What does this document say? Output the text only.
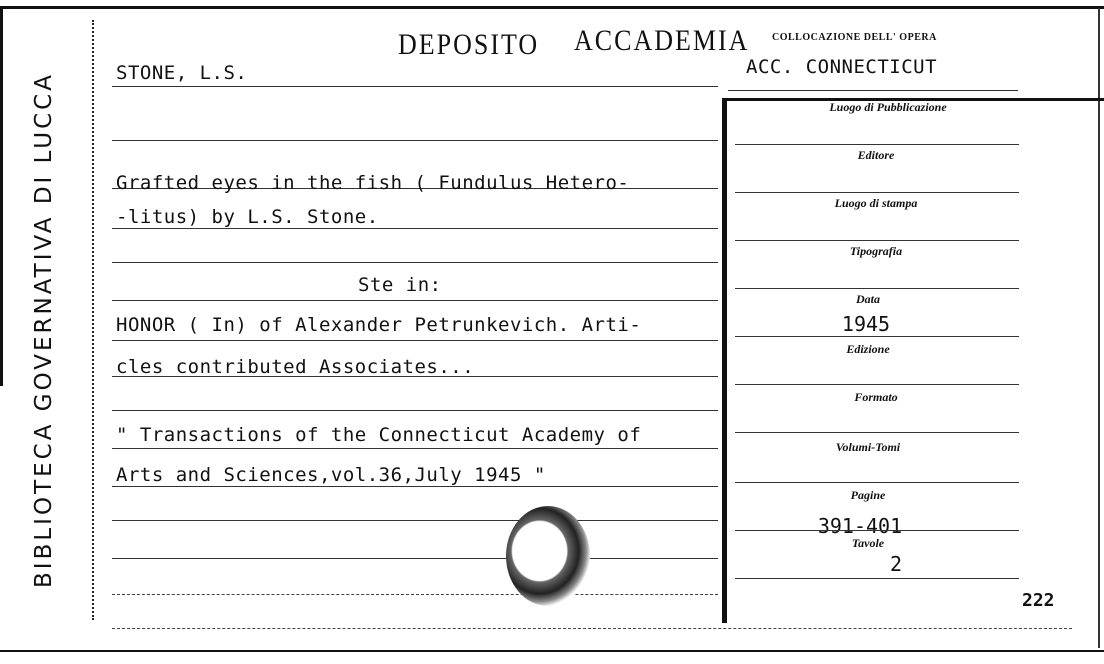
BIBLIOTECA GOVERNATIVA DI LUCCA
DEPOSITO ACCADEMIA COLLOCAZIONE DELL' OPERA
ACC. CONNECTICUT
STONE, L.S.
Grafted eyes in the fish ( Fundulus Hetero-
-litus) by L.S. Stone.
Ste in:
HONOR ( In) of Alexander Petrunkevich. Arti-
cles contributed Associates...
" Transactions of the Connecticut Academy of
Arts and Sciences,vol.36,July 1945 "
Luogo di Pubblicazione
Editore
Luogo di stampa
Tipografia
Data
1945
Edizione
Formato
Volumi-Tomi
Pagine
391-401
Tavole
2
222
